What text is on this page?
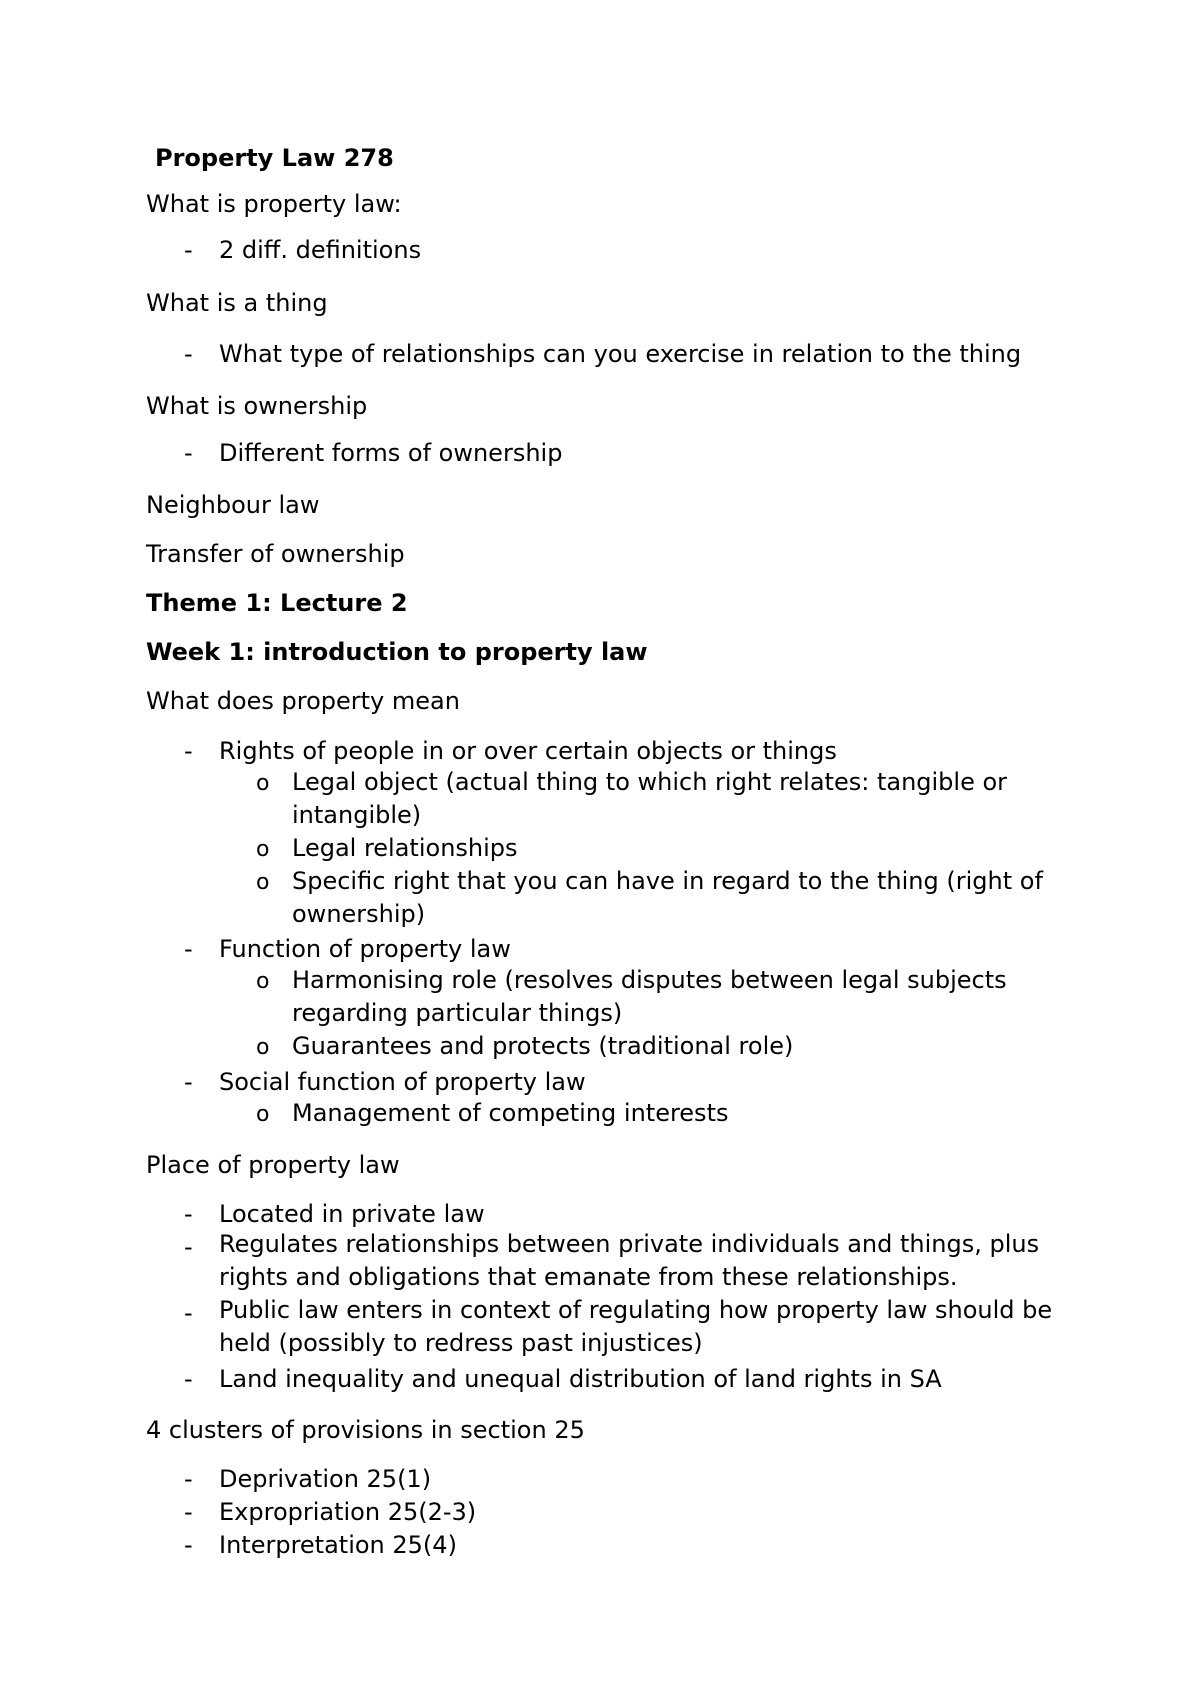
Property Law 278
What is property law:
- 2 diff. definitions
What is a thing
- What type of relationships can you exercise in relation to the thing
What is ownership
- Different forms of ownership
Neighbour law
Transfer of ownership
Theme 1: Lecture 2
Week 1: introduction to property law
What does property mean
- Rights of people in or over certain objects or things
o Legal object (actual thing to which right relates: tangible or intangible)
o Legal relationships
o Specific right that you can have in regard to the thing (right of ownership)
- Function of property law
o Harmonising role (resolves disputes between legal subjects regarding particular things)
o Guarantees and protects (traditional role)
- Social function of property law
o Management of competing interests
Place of property law
- Located in private law
- Regulates relationships between private individuals and things, plus rights and obligations that emanate from these relationships.
- Public law enters in context of regulating how property law should be held (possibly to redress past injustices)
- Land inequality and unequal distribution of land rights in SA
4 clusters of provisions in section 25
- Deprivation 25(1)
- Expropriation 25(2-3)
- Interpretation 25(4)
